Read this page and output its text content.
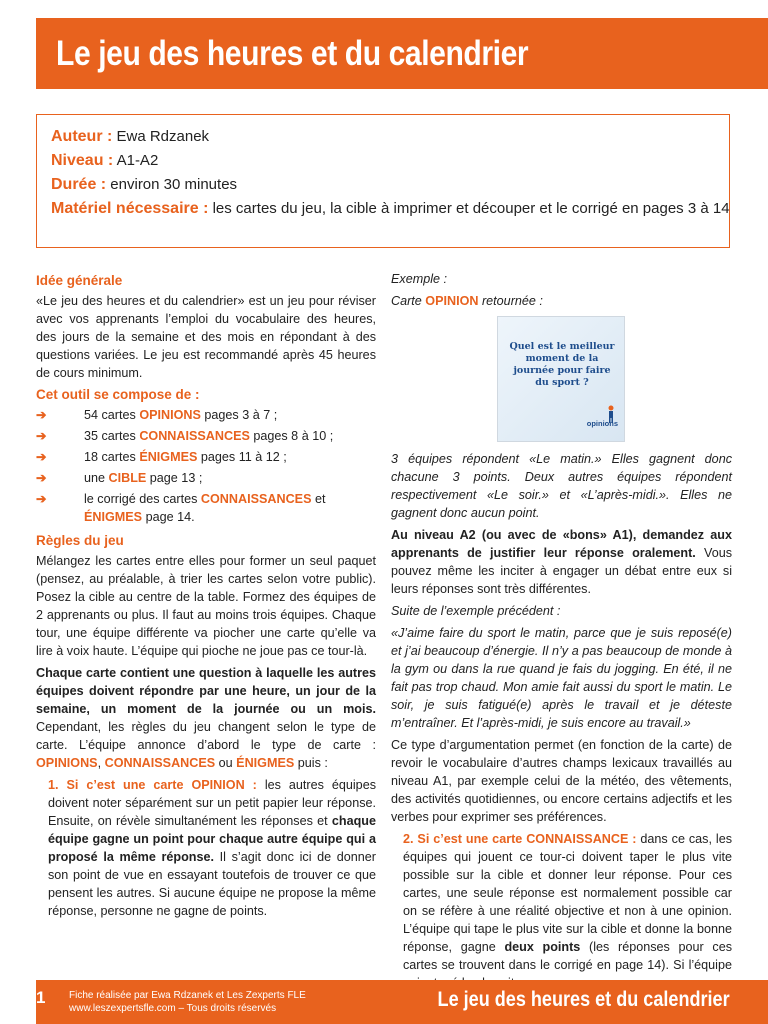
Le jeu des heures et du calendrier
Auteur : Ewa Rdzanek
Niveau : A1-A2
Durée : environ 30 minutes
Matériel nécessaire : les cartes du jeu, la cible à imprimer et découper et le corrigé en pages 3 à 14
Idée générale

«Le jeu des heures et du calendrier» est un jeu pour réviser avec vos apprenants l’emploi du vocabulaire des heures, des jours de la semaine et des mois en répondant à des questions variées. Le jeu est recommandé après 45 heures de cours minimum.

Cet outil se compose de :
➔	54 cartes OPINIONS pages 3 à 7 ;
➔	35 cartes CONNAISSANCES pages 8 à 10 ;
➔	18 cartes ÉNIGMES pages 11 à 12 ;
➔	une CIBLE page 13 ;
➔	le corrigé des cartes CONNAISSANCES et ÉNIGMES page 14.
Règles du jeu

Mélangez les cartes entre elles pour former un seul paquet (pensez, au préalable, à trier les cartes selon votre public). Posez la cible au centre de la table. Formez des équipes de 2 apprenants ou plus. Il faut au moins trois équipes. Chaque tour, une équipe différente va piocher une carte qu’elle va lire à voix haute. L’équipe qui pioche ne joue pas ce tour-là.

Chaque carte contient une question à laquelle les autres équipes doivent répondre par une heure, un jour de la semaine, un moment de la journée ou un mois. Cependant, les règles du jeu changent selon le type de carte. L’équipe annonce d’abord le type de carte : OPINIONS, CONNAISSANCES ou ÉNIGMES puis :

1. Si c’est une carte OPINION : les autres équipes doivent noter séparément sur un petit papier leur réponse. Ensuite, on révèle simultanément les réponses et chaque équipe gagne un point pour chaque autre équipe qui a proposé la même réponse. Il s’agit donc ici de donner son point de vue en essayant toutefois de trouver ce que pensent les autres. Si aucune équipe ne propose la même réponse, personne ne gagne de points.

Exemple :

Carte OPINION retournée :

Quel est le meilleur moment de la journée pour faire du sport ?
opinions

3 équipes répondent «Le matin.» Elles gagnent donc chacune 3 points. Deux autres équipes répondent respectivement «Le soir.» et «L’après-midi.». Elles ne gagnent donc aucun point.

Au niveau A2 (ou avec de «bons» A1), demandez aux apprenants de justifier leur réponse oralement. Vous pouvez même les inciter à engager un débat entre eux si leurs réponses sont très différentes.

Suite de l’exemple précédent :

«J’aime faire du sport le matin, parce que je suis reposé(e) et j’ai beaucoup d’énergie. Il n’y a pas beaucoup de monde à la gym ou dans la rue quand je fais du jogging. En été, il ne fait pas trop chaud. Mon amie fait aussi du sport le matin. Le soir, je suis fatigué(e) après le travail et je déteste m’entraîner. Et l’après-midi, je suis encore au travail.»

Ce type d’argumentation permet (en fonction de la carte) de revoir le vocabulaire d’autres champs lexicaux travaillés au niveau A1, par exemple celui de la météo, des vêtements, des activités quotidiennes, ou encore certains adjectifs et les verbes pour exprimer ses préférences.

2. Si c’est une carte CONNAISSANCE : dans ce cas, les équipes qui jouent ce tour-ci doivent taper le plus vite possible sur la cible et donner leur réponse. Pour ces cartes, une seule réponse est normalement possible car on se réfère à une réalité objective et non à une opinion. L’équipe qui tape le plus vite sur la cible et donne la bonne réponse, gagne deux points (les réponses pour ces cartes se trouvent dans le corrigé en page 14). Si l’équipe

1 Fiche réalisée par Ewa Rdzanek et Les Zexperts FLE
www.leszexpertsfle.com – Tous droits réservés	Le jeu des heures et du calendrier
